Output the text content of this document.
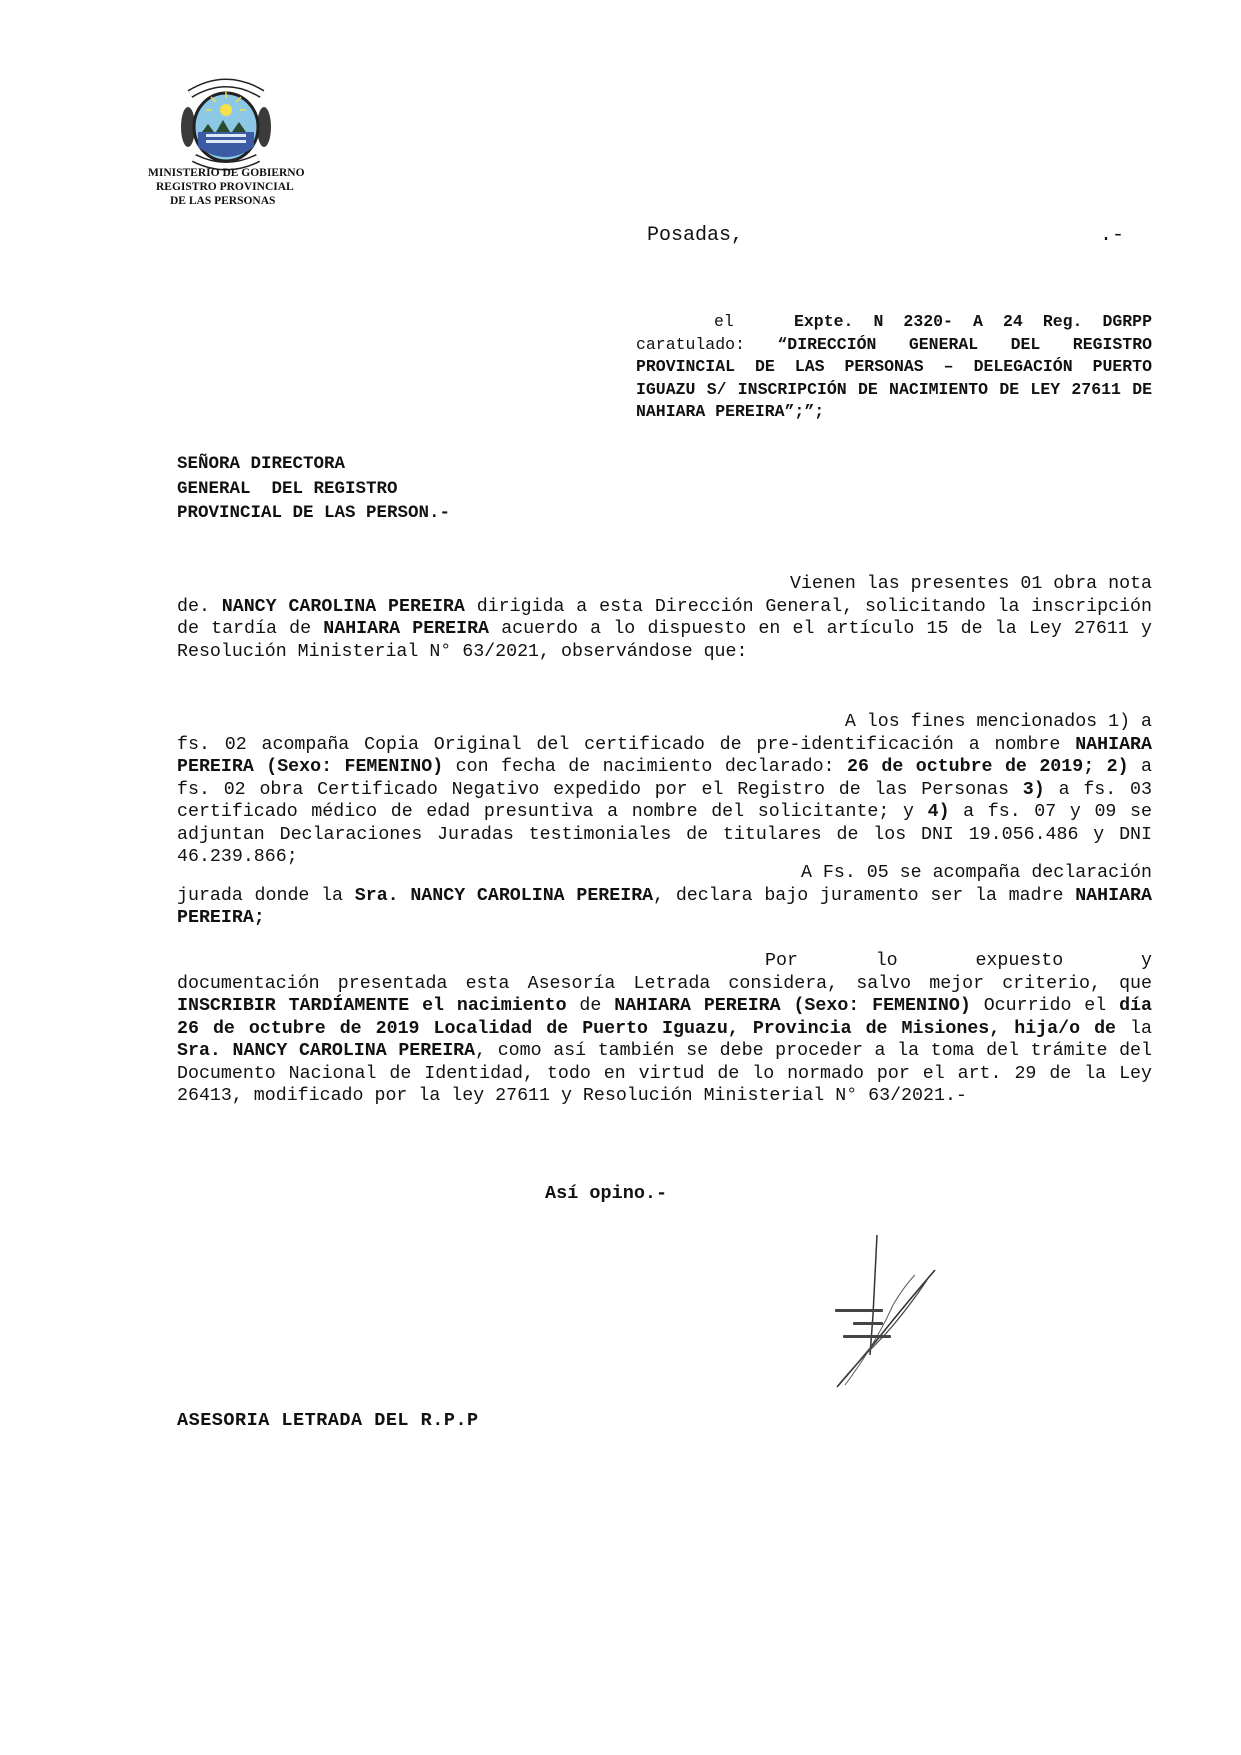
MINISTERIO DE GOBIERNO
REGISTRO PROVINCIAL
DE LAS PERSONAS
Posadas,	.-
el	Expte. N 2320- A 24 Reg. DGRPP caratulado: “DIRECCIÓN GENERAL DEL REGISTRO PROVINCIAL DE LAS PERSONAS – DELEGACIÓN PUERTO IGUAZU S/ INSCRIPCIÓN DE NACIMIENTO DE LEY 27611 DE NAHIARA PEREIRA”;”;
SEÑORA DIRECTORA
GENERAL  DEL REGISTRO
PROVINCIAL DE LAS PERSON.-

Vienen las presentes 01 obra nota

de. NANCY CAROLINA PEREIRA dirigida a esta Dirección General, solicitando la inscripción de tardía de NAHIARA PEREIRA acuerdo a lo dispuesto en el artículo 15 de la Ley 27611 y Resolución Ministerial N° 63/2021, observándose que:

A los fines mencionados 1) a

fs. 02 acompaña Copia Original del certificado de pre-identificación a nombre NAHIARA PEREIRA (Sexo: FEMENINO) con fecha de nacimiento declarado: 26 de octubre de 2019; 2) a fs. 02 obra Certificado Negativo expedido por el Registro de las Personas 3) a fs. 03 certificado médico de edad presuntiva a nombre del solicitante; y 4) a fs. 07 y 09 se adjuntan Declaraciones Juradas testimoniales de titulares de los DNI 19.056.486 y DNI 46.239.866;

A Fs. 05 se acompaña declaración

jurada donde la Sra. NANCY CAROLINA PEREIRA, declara bajo juramento ser la madre NAHIARA PEREIRA;

Por	lo	expuesto	y

documentación presentada esta Asesoría Letrada considera, salvo mejor criterio, que INSCRIBIR TARDÍAMENTE el nacimiento de NAHIARA PEREIRA (Sexo: FEMENINO) Ocurrido el día 26 de octubre de 2019 Localidad de Puerto Iguazu, Provincia de Misiones, hija/o de la Sra. NANCY CAROLINA PEREIRA, como así también se debe proceder a la toma del trámite del Documento Nacional de Identidad, todo en virtud de lo normado por el art. 29 de la Ley 26413, modificado por la ley 27611 y Resolución Ministerial N° 63/2021.-

Así opino.-
ASESORIA LETRADA DEL R.P.P
